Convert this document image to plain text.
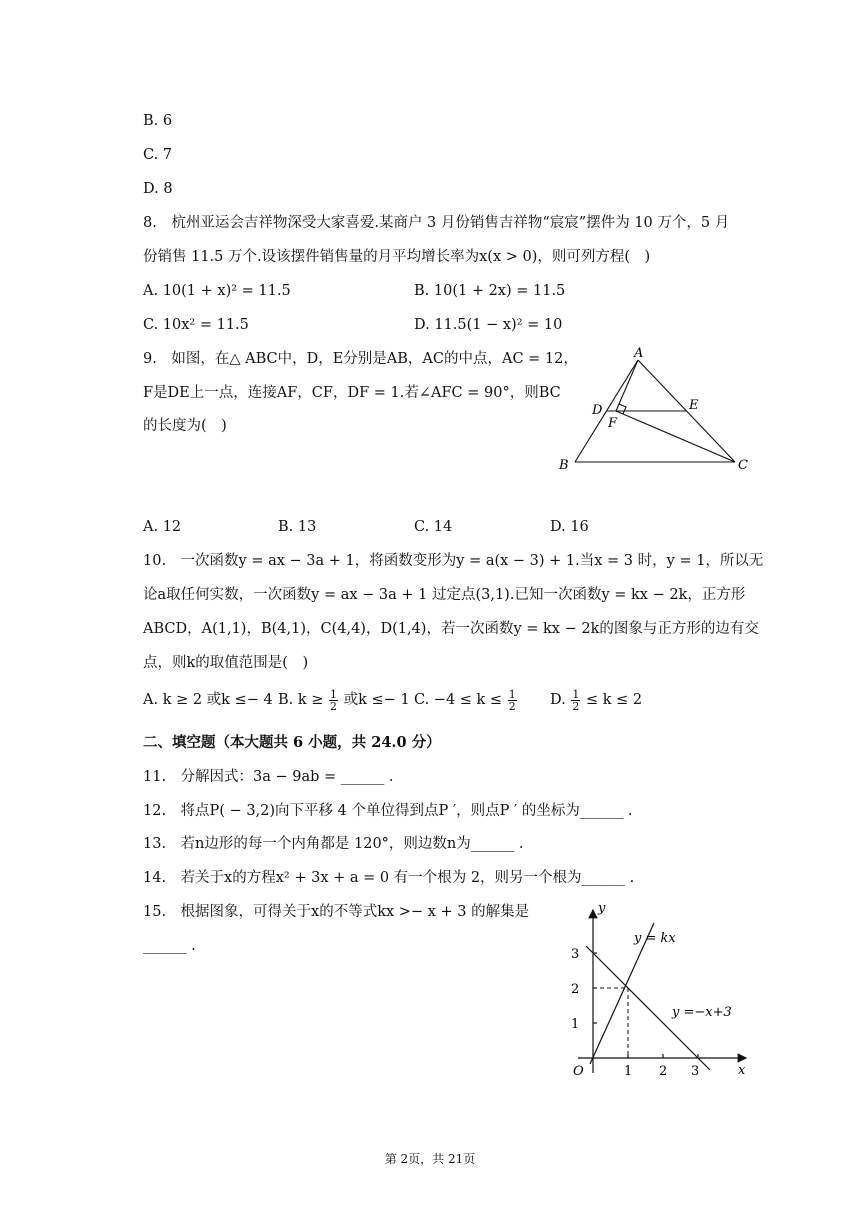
B. 6
C. 7
D. 8
8.　杭州亚运会吉祥物深受大家喜爱.某商户 3 月份销售吉祥物“宸宸”摆件为 10 万个，5 月
份销售 11.5 万个.设该摆件销售量的月平均增长率为x(x > 0)，则可列方程(　)
A. 10(1 + x)² = 11.5	B. 10(1 + 2x) = 11.5
C. 10x² = 11.5	D. 11.5(1 − x)² = 10
9.　如图，在△ ABC中，D，E分别是AB，AC的中点，AC = 12，
F是DE上一点，连接AF，CF，DF = 1.若∠AFC = 90°，则BC
的长度为(　)
A
B	C
D	E
F
A. 12	B. 13	C. 14	D. 16
10.　一次函数y = ax − 3a + 1，将函数变形为y = a(x − 3) + 1.当x = 3 时，y = 1，所以无
论a取任何实数，一次函数y = ax − 3a + 1 过定点(3,1).已知一次函数y = kx − 2k，正方形
ABCD，A(1,1)，B(4,1)，C(4,4)，D(1,4)，若一次函数y = kx − 2k的图象与正方形的边有交
点，则k的取值范围是(　)
A. k ≥ 2 或k ≤− 4 B. $k \ge \frac{1}{2}$ 或k ≤− 1 C. $-4 \le k \le \frac{1}{2} D$. $\frac{1}{2} \le k \le 2$
二、填空题（本大题共 6 小题，共 24.0 分）
11.　分解因式：3a − 9ab = ______ .
12.　将点P( − 3,2)向下平移 4 个单位得到点P ′，则点P ′ 的坐标为______ .
13.　若n边形的每一个内角都是 120°，则边数n为______ .
14.　若关于x的方程x² + 3x + a = 0 有一个根为 2，则另一个根为______ .
15.　根据图象，可得关于x的不等式kx >− x + 3 的解集是
______ .
y
x
O	1 2 3
1
2
3
y = kx
y =−x+3
第 2页，共 21页
